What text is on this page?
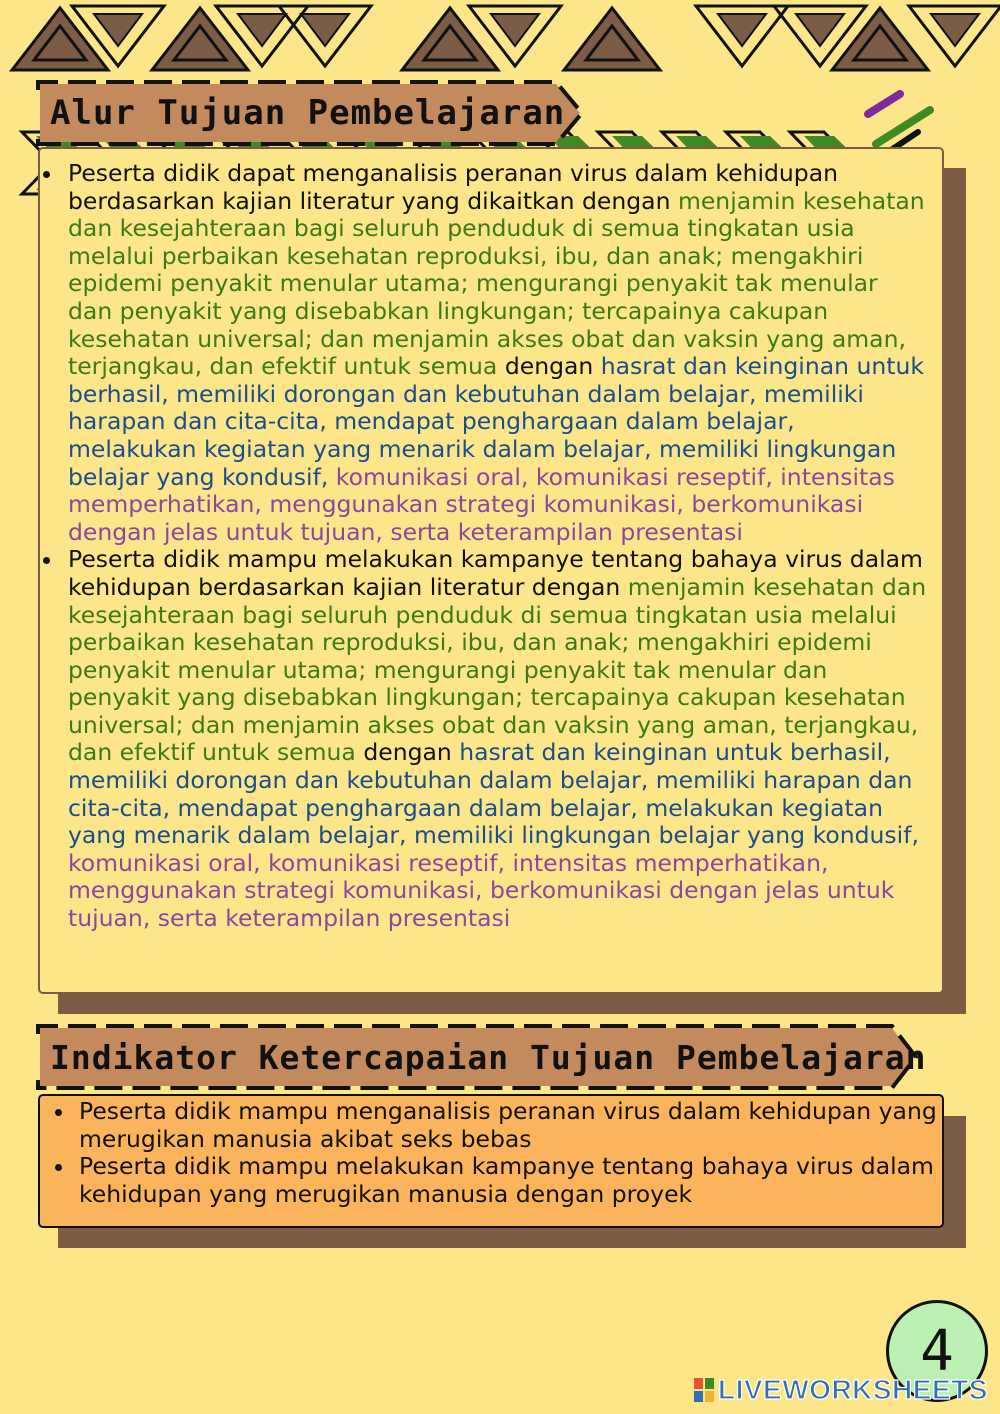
Alur Tujuan Pembelajaran
Peserta didik dapat menganalisis peranan virus dalam kehidupan berdasarkan kajian literatur yang dikaitkan dengan menjamin kesehatan dan kesejahteraan bagi seluruh penduduk di semua tingkatan usia melalui perbaikan kesehatan reproduksi, ibu, dan anak; mengakhiri epidemi penyakit menular utama; mengurangi penyakit tak menular dan penyakit yang disebabkan lingkungan; tercapainya cakupan kesehatan universal; dan menjamin akses obat dan vaksin yang aman, terjangkau, dan efektif untuk semua dengan hasrat dan keinginan untuk berhasil, memiliki dorongan dan kebutuhan dalam belajar, memiliki harapan dan cita-cita, mendapat penghargaan dalam belajar, melakukan kegiatan yang menarik dalam belajar, memiliki lingkungan belajar yang kondusif, komunikasi oral, komunikasi reseptif, intensitas memperhatikan, menggunakan strategi komunikasi, berkomunikasi dengan jelas untuk tujuan, serta keterampilan presentasi
Peserta didik mampu melakukan kampanye tentang bahaya virus dalam kehidupan berdasarkan kajian literatur dengan menjamin kesehatan dan kesejahteraan bagi seluruh penduduk di semua tingkatan usia melalui perbaikan kesehatan reproduksi, ibu, dan anak; mengakhiri epidemi penyakit menular utama; mengurangi penyakit tak menular dan penyakit yang disebabkan lingkungan; tercapainya cakupan kesehatan universal; dan menjamin akses obat dan vaksin yang aman, terjangkau, dan efektif untuk semua dengan hasrat dan keinginan untuk berhasil, memiliki dorongan dan kebutuhan dalam belajar, memiliki harapan dan cita-cita, mendapat penghargaan dalam belajar, melakukan kegiatan yang menarik dalam belajar, memiliki lingkungan belajar yang kondusif, komunikasi oral, komunikasi reseptif, intensitas memperhatikan, menggunakan strategi komunikasi, berkomunikasi dengan jelas untuk tujuan, serta keterampilan presentasi
Indikator Ketercapaian Tujuan Pembelajaran
Peserta didik mampu menganalisis peranan virus dalam kehidupan yang merugikan manusia akibat seks bebas
Peserta didik mampu melakukan kampanye tentang bahaya virus dalam kehidupan yang merugikan manusia dengan proyek
4
LIVEWORKSHEETS
